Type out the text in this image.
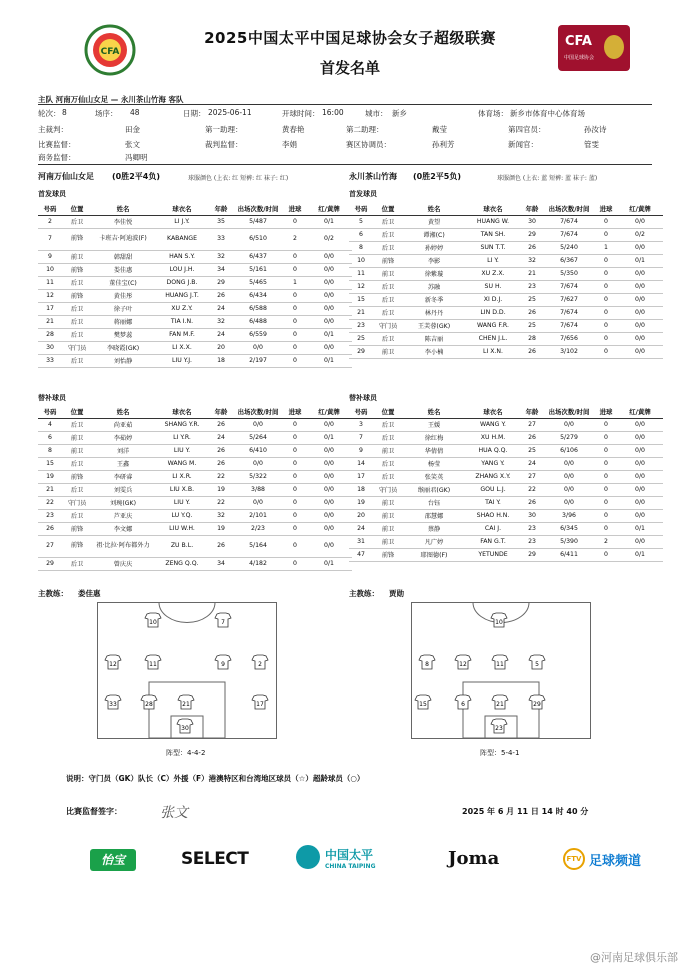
CFA
2025中国太平中国足球协会女子超级联赛
首发名单
CFA
中国足球协会
主队 河南万仙山女足 — 永川茶山竹海 客队
轮次： 8	场序： 48	日期： 2025-06-11	开球时间： 16:00	城市： 新乡	体育场： 新乡市体育中心体育场
主裁判：	田金	第一助理：	黄春艳	第二助理：	戴莹	第四官员：	孙汝诗
比赛监督：	张文	裁判监督：	李娟	赛区协调员：	孙利芳	新闻官：	管雯
商务监督：	冯卿明
河南万仙山女足 (0胜2平4负)	球服颜色 (上衣: 红 短裤: 红 袜子: 红)	永川茶山竹海 (0胜2平5负)	球服颜色 (上衣: 蓝 短裤: 蓝 袜子: 蓝)
首发球员	首发球员
号码	位置	姓名	球衣名	年龄	出场次数/时间	进球	红/黄牌
2	后卫	李佳悦	LI J.Y.	35	5/487	0	0/1
7	前锋	卡班吉·阿迪波(F)	KABANGE	33	6/510	2	0/2
9	前卫	韩甜甜	HAN S.Y.	32	6/437	0	0/0
10	前锋	娄佳惠	LOU J.H.	34	5/161	0	0/0
11	后卫	董佳宝(C)	DONG J.B.	29	5/465	1	0/0
12	前锋	黄佳彤	HUANG J.T.	26	6/434	0	0/0
17	后卫	徐子叶	XU Z.Y.	24	6/588	0	0/0
21	后卫	蒋丽娜	TIA I.N.	32	6/488	0	0/0
28	后卫	樊梦蕊	FAN M.F.	24	6/559	0	0/1
30	守门员	李晓霞(GK)	LI X.X.	20	0/0	0	0/0
33	后卫	刘怡静	LIU Y.J.	18	2/197	0	0/1
号码	位置	姓名	球衣名	年龄	出场次数/时间	进球	红/黄牌
5	后卫	黄望	HUANG W.	30	7/674	0	0/0
6	后卫	谭湘(C)	TAN SH.	29	7/674	0	0/2
8	后卫	孙婷婷	SUN T.T.	26	5/240	1	0/0
10	前锋	李影	LI Y.	32	6/367	0	0/1
11	前卫	徐紫璇	XU Z.X.	21	5/350	0	0/0
12	后卫	苏融	SU H.	23	7/674	0	0/0
15	后卫	新冬季	XI D.J.	25	7/627	0	0/0
21	后卫	林丹丹	LIN D.D.	26	7/674	0	0/0
23	守门员	王芙蓉(GK)	WANG F.R.	25	7/674	0	0/0
25	后卫	陈吉丽	CHEN J.L.	28	7/656	0	0/0
29	前卫	李小楠	LI X.N.	26	3/102	0	0/0
替补球员	替补球员
号码	位置	姓名	球衣名	年龄	出场次数/时间	进球	红/黄牌
4	后卫	尚亚茹	SHANG Y.R.	26	0/0	0	0/0
6	前卫	李茹婷	LI Y.R.	24	5/264	0	0/1
8	前卫	刘洋	LIU Y.	26	6/410	0	0/0
15	后卫	王鑫	WANG M.	26	0/0	0	0/0
19	前锋	李研睿	LI X.R.	22	5/322	0	0/0
21	后卫	刘雯兵	LIU X.B.	19	3/88	0	0/0
22	守门员	刘琬(GK)	LIU Y.	22	0/0	0	0/0
23	后卫	芦亚庆	LU Y.Q.	32	2/101	0	0/0
26	前锋	李文娜	LIU W.H.	19	2/23	0	0/0
27	前锋	祖·比拉·阿布都外力	ZU B.L.	26	5/164	0	0/0
29	后卫	曾庆庆	ZENG Q.Q.	34	4/182	0	0/1
号码	位置	姓名	球衣名	年龄	出场次数/时间	进球	红/黄牌
3	后卫	王媛	WANG Y.	27	0/0	0	0/0
7	后卫	徐红梅	XU H.M.	26	5/279	0	0/0
9	前卫	华倩倩	HUA Q.Q.	25	6/106	0	0/0
14	后卫	杨莹	YANG Y.	24	0/0	0	0/0
17	后卫	张笑英	ZHANG X.Y.	27	0/0	0	0/0
18	守门员	缑丽君(GK)	GOU L.J.	22	0/0	0	0/0
19	前卫	台钰	TAI Y.	26	0/0	0	0/0
20	前卫	邵慧娜	SHAO H.N.	30	3/96	0	0/0
24	前卫	蔡静	CAI J.	23	6/345	0	0/1
31	前卫	凡广婷	FAN G.T.	23	5/390	2	0/0
47	前锋	耶图德(F)	YETUNDE	29	6/411	0	0/1
主教练： 娄佳惠	主教练： 贾勋
10	7
12	11	9	2
33	28	21	17
30
10
8	12	11	5
15	6	21	29
23
阵型：4-4-2	阵型：5-4-1
说明：守门员（GK）队长（C）外援（F）港澳特区和台湾地区球员（☆）超龄球员（○）
比赛监督签字：	张文	2025 年 6 月 11 日 14 时 40 分
怡宝	SELECT	中国太平
CHINA TAIPING	Joma	FTV 足球频道
@河南足球俱乐部
